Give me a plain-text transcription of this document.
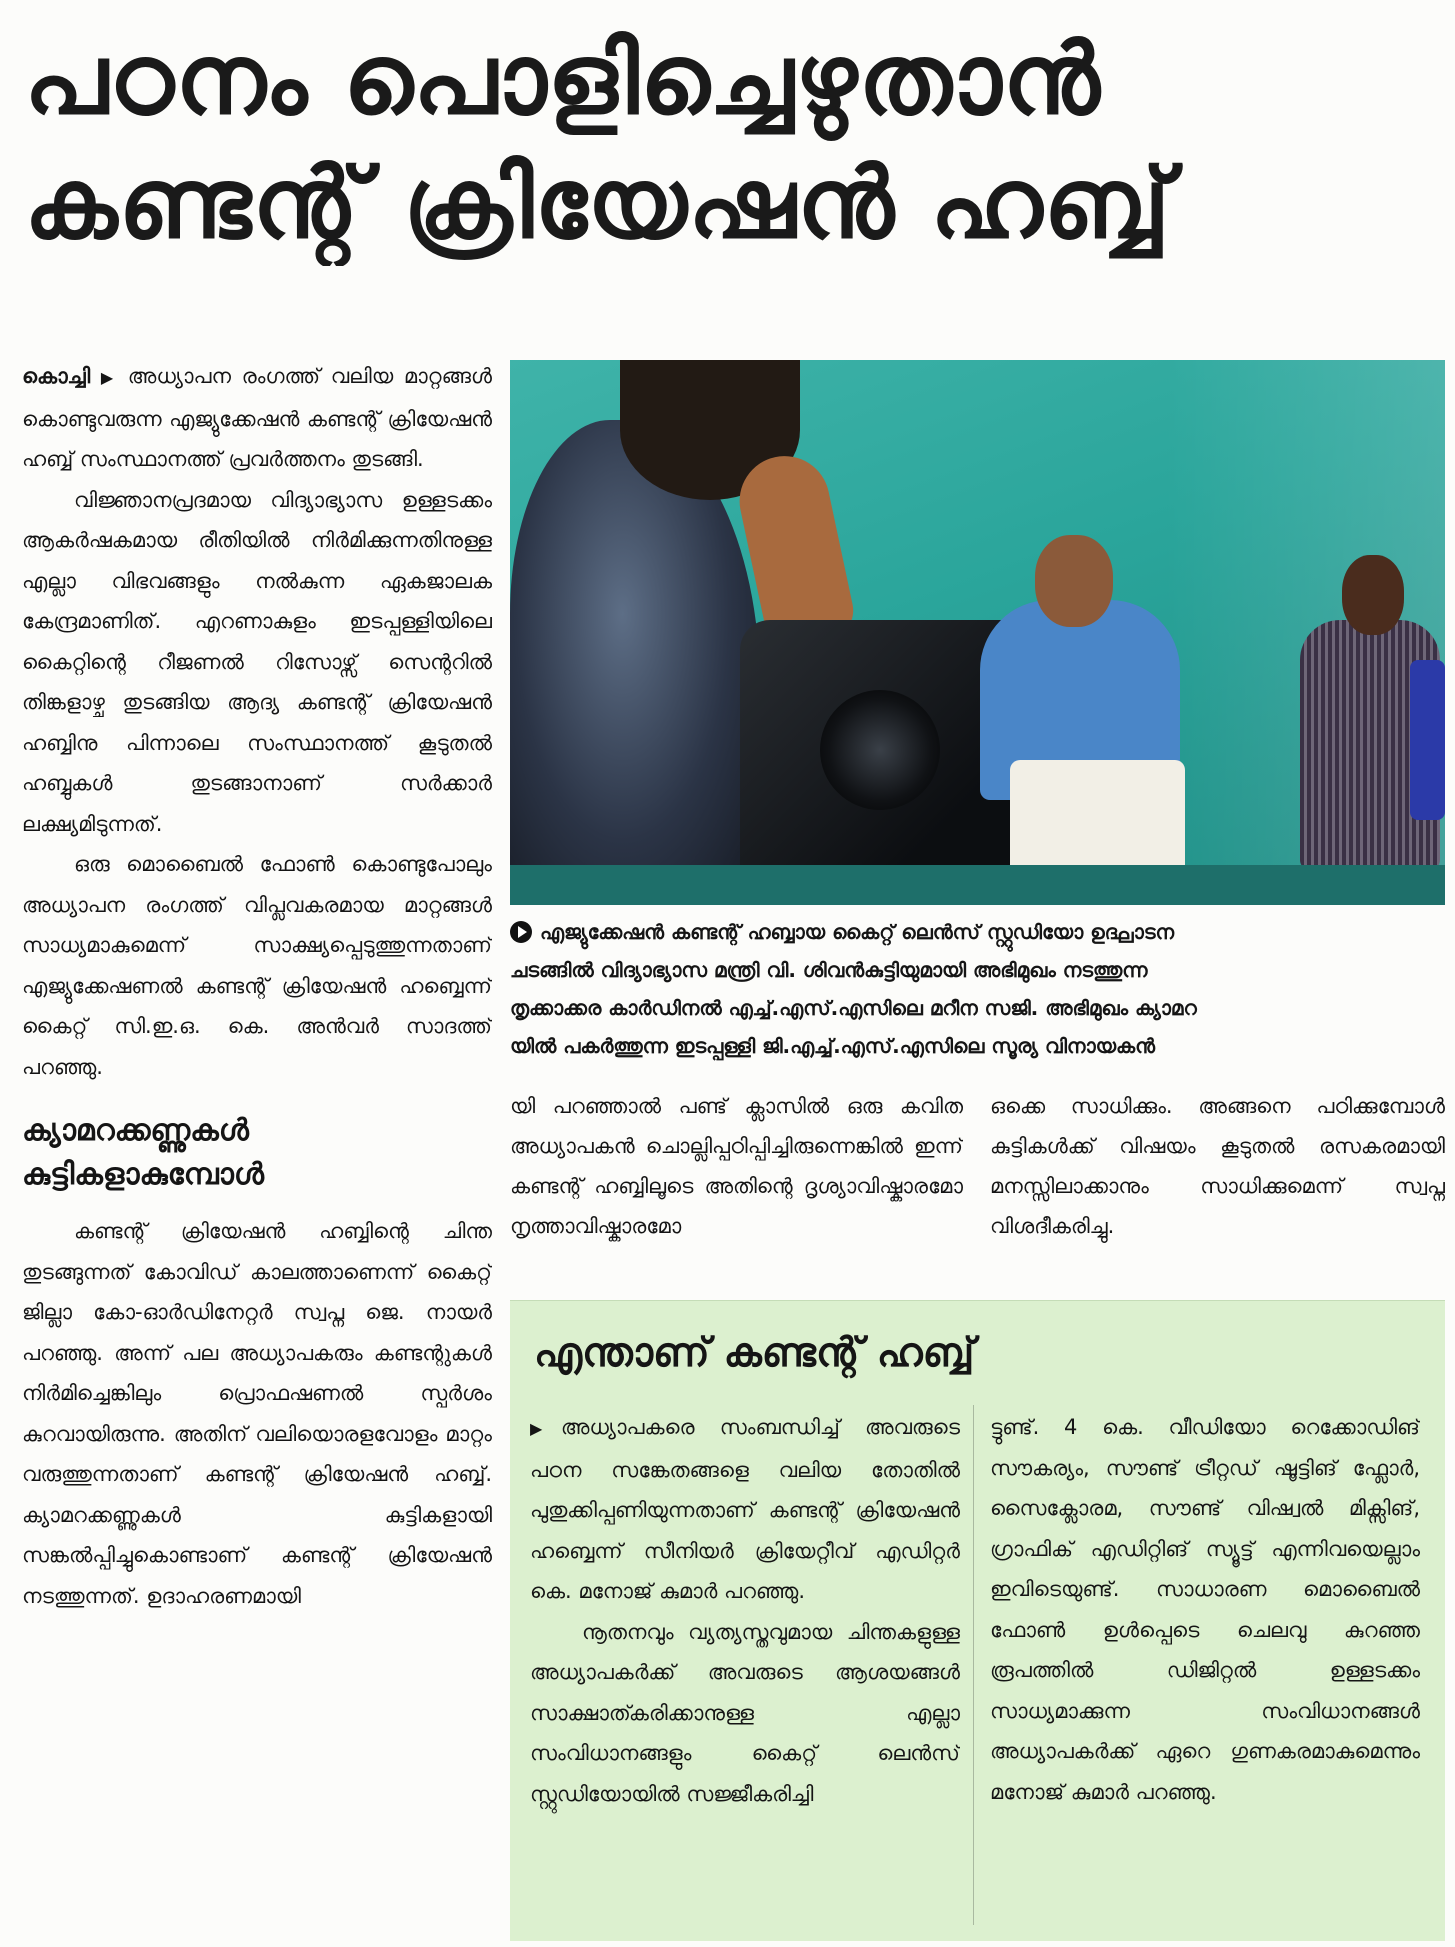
പഠനം പൊളിച്ചെഴുതാൻ
കണ്ടന്റ് ക്രിയേഷൻ ഹബ്ബ്

കൊച്ചി ▶ അധ്യാപന രംഗത്ത് വലിയ മാറ്റങ്ങൾ കൊണ്ടുവരുന്ന എജ്യുക്കേഷൻ കണ്ടന്റ് ക്രിയേഷൻ ഹബ്ബ് സംസ്ഥാനത്ത് പ്രവർത്തനം തുടങ്ങി.

വിജ്ഞാനപ്രദമായ വിദ്യാഭ്യാസ ഉള്ളടക്കം ആകർഷകമായ രീതിയിൽ നിർമിക്കുന്നതിനുള്ള എല്ലാ വിഭവങ്ങളും നൽകുന്ന ഏകജാലക കേന്ദ്രമാണിത്. എറണാകുളം ഇടപ്പള്ളിയിലെ കൈറ്റിന്റെ റീജണൽ റിസോഴ്സ് സെന്ററിൽ തിങ്കളാഴ്ച തുടങ്ങിയ ആദ്യ കണ്ടന്റ് ക്രിയേഷൻ ഹബ്ബിനു പിന്നാലെ സംസ്ഥാനത്ത് കൂടുതൽ ഹബ്ബുകൾ തുടങ്ങാനാണ് സർക്കാർ ലക്ഷ്യമിടുന്നത്.

ഒരു മൊബൈൽ ഫോൺ കൊണ്ടുപോലും അധ്യാപന രംഗത്ത് വിപ്ലവകരമായ മാറ്റങ്ങൾ സാധ്യമാകുമെന്ന് സാക്ഷ്യപ്പെടുത്തുന്നതാണ് എജ്യുക്കേഷണൽ കണ്ടന്റ് ക്രിയേഷൻ ഹബ്ബെന്ന് കൈറ്റ് സി.ഇ.ഒ. കെ. അൻവർ സാദത്ത് പറഞ്ഞു.

ക്യാമറക്കണ്ണുകൾ കുട്ടികളാകുമ്പോൾ

കണ്ടന്റ് ക്രിയേഷൻ ഹബ്ബിന്റെ ചിന്ത തുടങ്ങുന്നത് കോവിഡ് കാലത്താണെന്ന് കൈറ്റ് ജില്ലാ കോ-ഓർഡിനേറ്റർ സ്വപ്ന ജെ. നായർ പറഞ്ഞു. അന്ന് പല അധ്യാപകരും കണ്ടന്റുകൾ നിർമിച്ചെങ്കിലും പ്രൊഫഷണൽ സ്പർശം കുറവായിരുന്നു. അതിന് വലിയൊരളവോളം മാറ്റം വരുത്തുന്നതാണ് കണ്ടന്റ് ക്രിയേഷൻ ഹബ്ബ്. ക്യാമറക്കണ്ണുകൾ കുട്ടികളായി സങ്കൽപ്പിച്ചുകൊണ്ടാണ് കണ്ടന്റ് ക്രിയേഷൻ നടത്തുന്നത്. ഉദാഹരണമായി

എജ്യുക്കേഷൻ കണ്ടന്റ് ഹബ്ബായ കൈറ്റ് ലെൻസ് സ്റ്റുഡിയോ ഉദ്ഘാടന

ചടങ്ങിൽ വിദ്യാഭ്യാസ മന്ത്രി വി. ശിവൻകുട്ടിയുമായി അഭിമുഖം നടത്തുന്ന

തൃക്കാക്കര കാർഡിനൽ എച്ച്.എസ്.എസിലെ മറീന സജി. അഭിമുഖം ക്യാമറ

യിൽ പകർത്തുന്ന ഇടപ്പള്ളി ജി.എച്ച്.എസ്.എസിലെ സൂര്യ വിനായകൻ

യി പറഞ്ഞാൽ പണ്ട് ക്ലാസിൽ ഒരു കവിത അധ്യാപകൻ ചൊല്ലിപ്പഠിപ്പിച്ചിരുന്നെങ്കിൽ ഇന്ന് കണ്ടന്റ് ഹബ്ബിലൂടെ അതിന്റെ ദൃശ്യാവിഷ്കാരമോ നൃത്താവിഷ്കാരമോ
ഒക്കെ സാധിക്കും. അങ്ങനെ പഠിക്കുമ്പോൾ കുട്ടികൾക്ക് വിഷയം കൂടുതൽ രസകരമായി മനസ്സിലാക്കാനും സാധിക്കുമെന്ന് സ്വപ്ന വിശദീകരിച്ചു.
എന്താണ് കണ്ടന്റ് ഹബ്ബ്

▶അധ്യാപകരെ സംബന്ധിച്ച് അവരുടെ പഠന സങ്കേതങ്ങളെ വലിയ തോതിൽ പുതുക്കിപ്പണിയുന്നതാണ് കണ്ടന്റ് ക്രിയേഷൻ ഹബ്ബെന്ന് സീനിയർ ക്രിയേറ്റീവ് എഡിറ്റർ കെ. മനോജ് കുമാർ പറഞ്ഞു.

നൂതനവും വ്യത്യസ്തവുമായ ചിന്തകളുള്ള അധ്യാപകർക്ക് അവരുടെ ആശയങ്ങൾ സാക്ഷാത്കരിക്കാനുള്ള എല്ലാ സംവിധാനങ്ങളും കൈറ്റ് ലെൻസ് സ്റ്റുഡിയോയിൽ സജ്ജീകരിച്ചി

ട്ടുണ്ട്. 4 കെ. വീഡിയോ റെക്കോഡിങ് സൗകര്യം, സൗണ്ട് ട്രീറ്റഡ് ഷൂട്ടിങ് ഫ്ലോർ, സൈക്ലോരമ, സൗണ്ട് വിഷ്വൽ മിക്സിങ്, ഗ്രാഫിക് എഡിറ്റിങ് സ്യൂട്ട് എന്നിവയെല്ലാം ഇവിടെയുണ്ട്. സാധാരണ മൊബൈൽ ഫോൺ ഉൾപ്പെടെ ചെലവു കുറഞ്ഞ രൂപത്തിൽ ഡിജിറ്റൽ ഉള്ളടക്കം സാധ്യമാക്കുന്ന സംവിധാനങ്ങൾ അധ്യാപകർക്ക് ഏറെ ഗുണകരമാകുമെന്നും മനോജ് കുമാർ പറഞ്ഞു.
